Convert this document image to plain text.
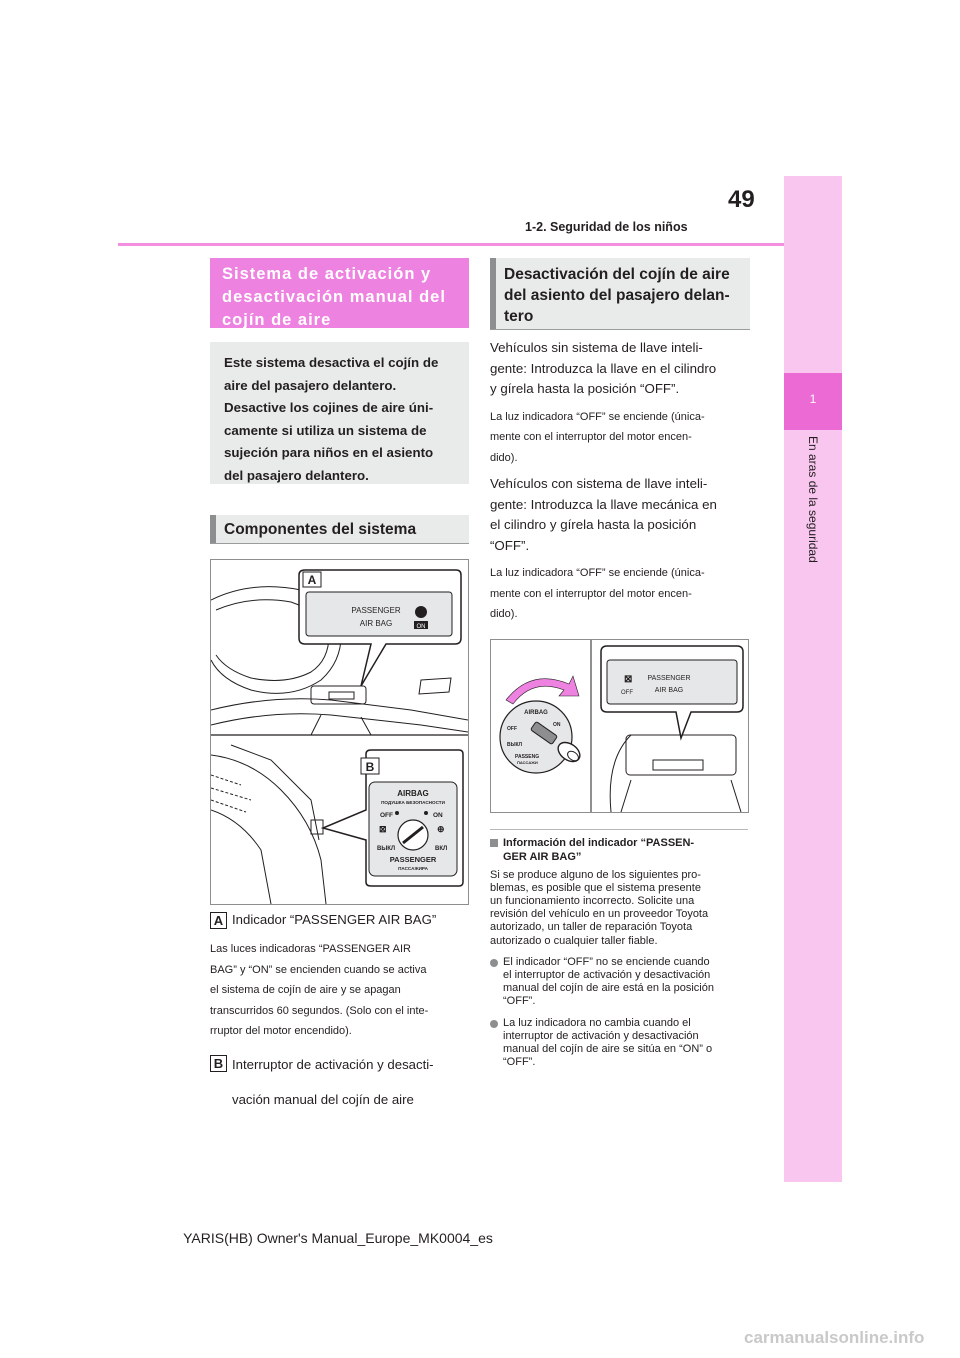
49
1-2. Seguridad de los niños
1
En aras de la seguridad
Sistema de activación y desactivación manual del cojín de aire
Este sistema desactiva el cojín de
aire del pasajero delantero.
Desactive los cojines de aire úni-
camente si utiliza un sistema de
sujeción para niños en el asiento
del pasajero delantero.
Componentes del sistema
A
PASSENGER
AIR BAG	ON
B
AIRBAG
ПОДУШКА БЕЗОПАСНОСТИ
OFF	ON
⊠	⊕
ВЫКЛ	ВКЛ
PASSENGER
ПАССАЖИРА
A Indicador “PASSENGER AIR BAG”
Las luces indicadoras “PASSENGER AIR
BAG” y “ON” se encienden cuando se activa
el sistema de cojín de aire y se apagan
transcurridos 60 segundos. (Solo con el inte-
rruptor del motor encendido).
B Interruptor de activación y desacti-
vación manual del cojín de aire
Desactivación del cojín de aire
del asiento del pasajero delan-
tero
Vehículos sin sistema de llave inteli-
gente: Introduzca la llave en el cilindro
y gírela hasta la posición “OFF”.
La luz indicadora “OFF” se enciende (única-
mente con el interruptor del motor encen-
dido).
Vehículos con sistema de llave inteli-
gente: Introduzca la llave mecánica en
el cilindro y gírela hasta la posición
“OFF”.
La luz indicadora “OFF” se enciende (única-
mente con el interruptor del motor encen-
dido).
⊠
OFF
PASSENGER
AIR BAG
AIRBAG
ON
OFF
ВЫКЛ
PASSENG
ПАССАЖИ
Información del indicador “PASSEN-
GER AIR BAG”
Si se produce alguno de los siguientes pro-
blemas, es posible que el sistema presente
un funcionamiento incorrecto. Solicite una
revisión del vehículo en un proveedor Toyota
autorizado, un taller de reparación Toyota
autorizado o cualquier taller fiable.
El indicador “OFF” no se enciende cuando
el interruptor de activación y desactivación
manual del cojín de aire está en la posición
“OFF”.
La luz indicadora no cambia cuando el
interruptor de activación y desactivación
manual del cojín de aire se sitúa en “ON” o
“OFF”.
YARIS(HB) Owner's Manual_Europe_MK0004_es
carmanualsonline.info
